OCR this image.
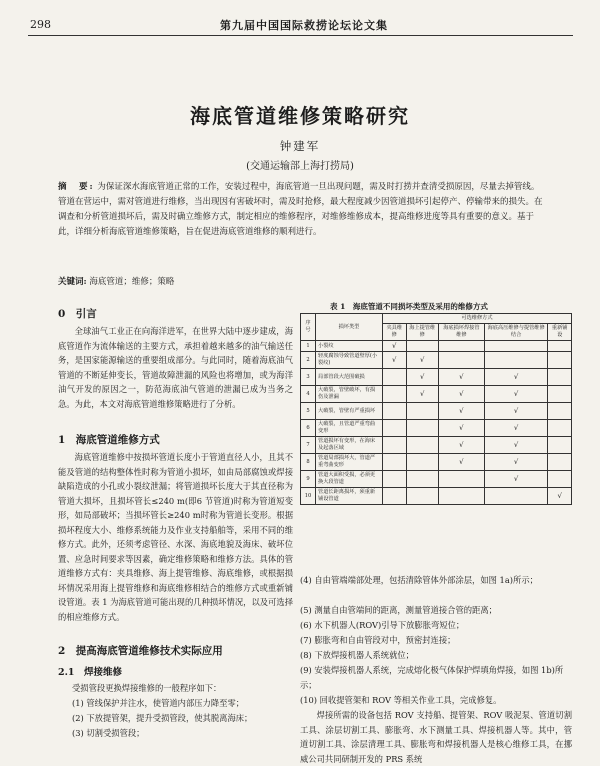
298	第九届中国国际救捞论坛论文集
海底管道维修策略研究
钟建军
(交通运输部上海打捞局)
摘　要: 为保证深水海底管道正常的工作，安装过程中，海底管道一旦出现问题，需及时打捞并查清受损原因，尽量去掉管线。管道在营运中，需对管道进行维修，当出现因有害破坏时，需及时抢修，最大程度减少因管道损坏引起停产、停输带来的损失。在调查和分析管道损坏后，需及时确立维修方式，制定相应的维修程序，对维修维修成本，提高维修进度等具有重要的意义。基于此，详细分析海底管道维修策略，旨在促进海底管道维修的顺利进行。
关键词: 海底管道；维修；策略
0　引言
全球油气工业正在向海洋进军，在世界大陆中逐步建成，海底管道作为流体输送的主要方式，承担着越来越多的油气输送任务，是国家能源输送的重要组成部分。与此同时，随着海底油气管道的不断延伸变长，管道故障泄漏的风险也将增加，或为海洋油气开发的原因之一，防范海底油气管道的泄漏已成为当务之急。为此，本文对海底管道维修策略进行了分析。
1　海底管道维修方式
海底管道维修中按损坏管道长度小于管道直径人小，且其不能及管道的结构整体性时称为管道小损坏，如由局部腐蚀或焊接缺陷造成的小孔或小裂纹泄漏；将管道损坏长度大于其直径称为管道大损坏，且损坏管长≤240 m(即6 节管道)时称为管道短变形，如局部破坏；当损坏管长≥240 m时称为管道长变形。根据损坏程度大小、维修系统能力及作业支持船舶等，采用不同的维修方式。此外，还须考虑管径、水深、海底地貌及海床、破坏位置、应急时间要求等因素，确定维修策略和维修方法。具体的管道维修方式有：夹具维修、海上提管维修、海底维修，或根据损坏情况采用海上提管维修和海底维修相结合的维修方式或重新铺设管道。表 1 为海底管道可能出现的几种损坏情况，以及可选择的相应维修方式。
2　提高海底管道维修技术实际应用
2.1　焊接维修
受损管段更换焊接维修的一般程序如下：
(1) 管线保护并注水，使管道内部压力降至零；
(2) 下放提管架，提升受损管段，使其脱离海床；
(3) 切割受损管段；
表 1　海底管道不同损坏类型及采用的维修方式
序号	损坏类型	可选维修方式				
		夹具维修	海上提管维修	海底损坏焊接管维修	海底高压维修与提管维修结合	重新铺设
1	小裂纹	√				
2	轻度腐蚀导致管道壁厚(小裂纹)	√	√			
3	局部管段大范围破损		√	√	√	
4	大破裂，管壁破坏，有损伤及泄漏		√	√	√	
5	大破裂，管壁有严重损坏			√	√	
6	大破裂，且管道严重弯曲变形			√	√	
7	管道损坏有变形，在海床及起落区域			√	√	
8	管道局部损坏大，管道严重弯曲变形			√	√	
9	管道大面积受损，必须更换大段管道				√	
10	管道长距离损坏，须重新铺设管道					√
(4) 自由管端端部处理，包括清除管体外部涂层，如图 1a)所示；
(5) 测量自由管端间的距离，测量管道接合管的距离；
(6) 水下机器人(ROV)引导下放膨胀弯短位；
(7) 膨胀弯和自由管段对中，预密封连接；
(8) 下放焊接机器人系统就位；
(9) 安装焊接机器人系统，完成熔化极气体保护焊填角焊接，如图 1b)所示；
(10) 回收提管架和 ROV 等相关作业工具，完成修复。
焊接所需的设备包括 ROV 支持船、提管架、ROV 吸泥泵、管道切割工具、涂层切割工具、膨胀弯、水下测量工具、焊接机器人等。其中，管道切割工具、涂层清理工具、膨胀弯和焊接机器人是核心维修工具，在挪威公司共同研制开发的 PRS 系统
